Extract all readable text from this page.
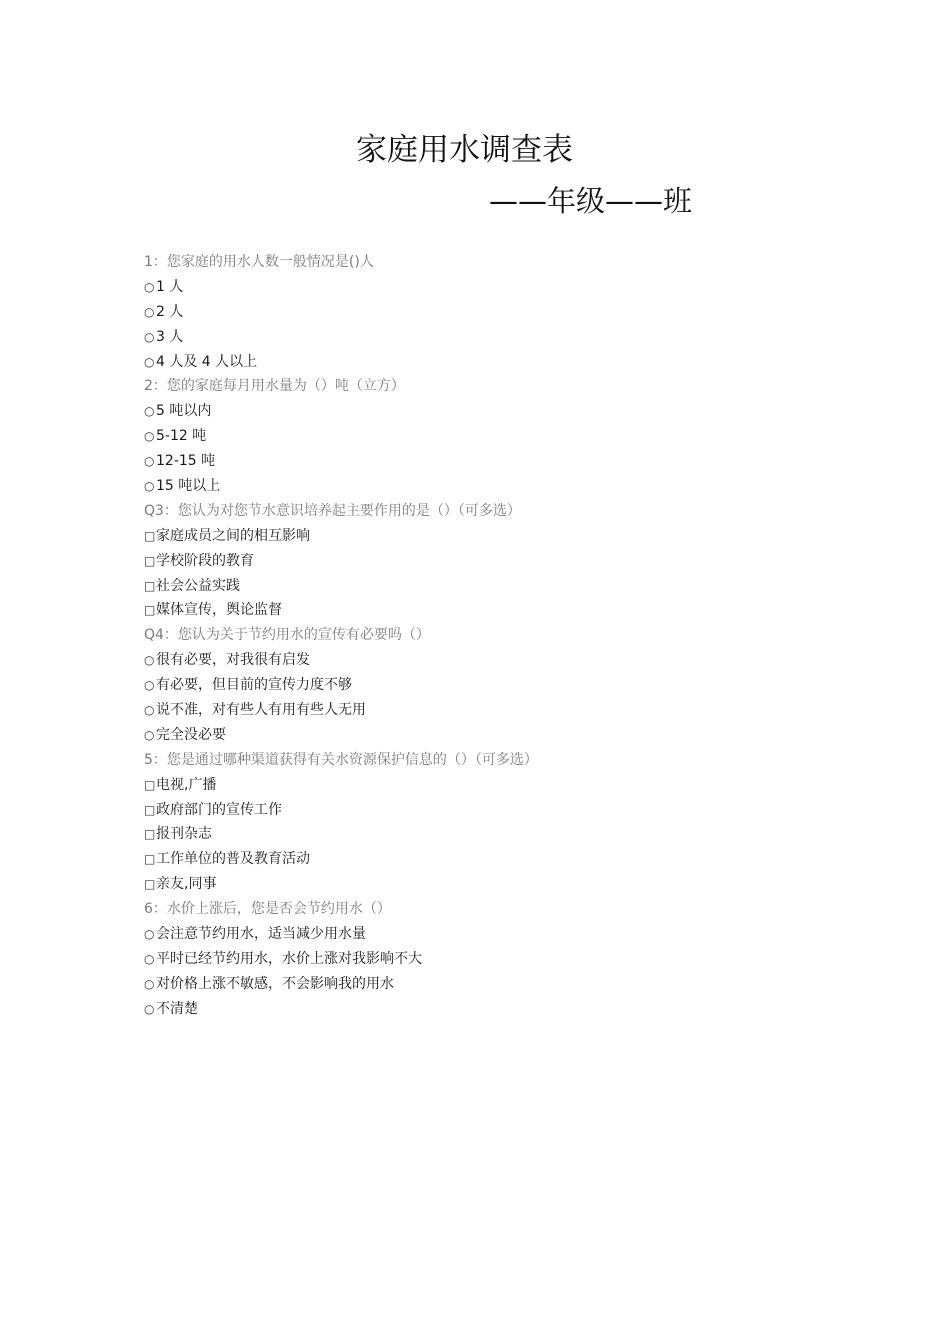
家庭用水调查表
——年级——班
1：您家庭的用水人数一般情况是()人
○ 1 人
○ 2 人
○ 3 人
○ 4 人及 4 人以上
2：您的家庭每月用水量为（）吨（立方）
○ 5 吨以内
○ 5-12 吨
○ 12-15 吨
○ 15 吨以上
Q3：您认为对您节水意识培养起主要作用的是（）（可多选）
□家庭成员之间的相互影响
□学校阶段的教育
□社会公益实践
□媒体宣传，舆论监督
Q4：您认为关于节约用水的宣传有必要吗（）
○ 很有必要，对我很有启发
○ 有必要，但目前的宣传力度不够
○ 说不准，对有些人有用有些人无用
○ 完全没必要
5：您是通过哪种渠道获得有关水资源保护信息的（）（可多选）
□电视,广播
□政府部门的宣传工作
□报刊杂志
□工作单位的普及教育活动
□亲友,同事
6：水价上涨后，您是否会节约用水（）
○ 会注意节约用水，适当减少用水量
○ 平时已经节约用水，水价上涨对我影响不大
○ 对价格上涨不敏感，不会影响我的用水
○ 不清楚
